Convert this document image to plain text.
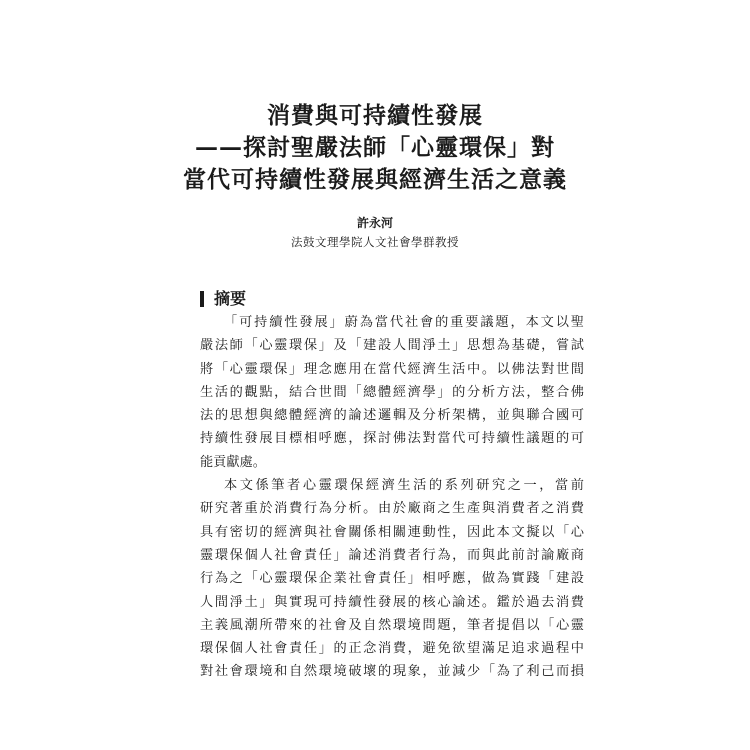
消費與可持續性發展
——探討聖嚴法師「心靈環保」對
當代可持續性發展與經濟生活之意義
許永河
法鼓文理學院人文社會學群教授
摘要
「可持續性發展」蔚為當代社會的重要議題，本文以聖
嚴法師「心靈環保」及「建設人間淨土」思想為基礎，嘗試
將「心靈環保」理念應用在當代經濟生活中。以佛法對世間
生活的觀點，結合世間「總體經濟學」的分析方法，整合佛
法的思想與總體經濟的論述邏輯及分析架構，並與聯合國可
持續性發展目標相呼應，探討佛法對當代可持續性議題的可
能貢獻處。
本文係筆者心靈環保經濟生活的系列研究之一，當前
研究著重於消費行為分析。由於廠商之生產與消費者之消費
具有密切的經濟與社會關係相關連動性，因此本文擬以「心
靈環保個人社會責任」論述消費者行為，而與此前討論廠商
行為之「心靈環保企業社會責任」相呼應，做為實踐「建設
人間淨土」與實現可持續性發展的核心論述。鑑於過去消費
主義風潮所帶來的社會及自然環境問題，筆者提倡以「心靈
環保個人社會責任」的正念消費，避免欲望滿足追求過程中
對社會環境和自然環境破壞的現象，並減少「為了利己而損
